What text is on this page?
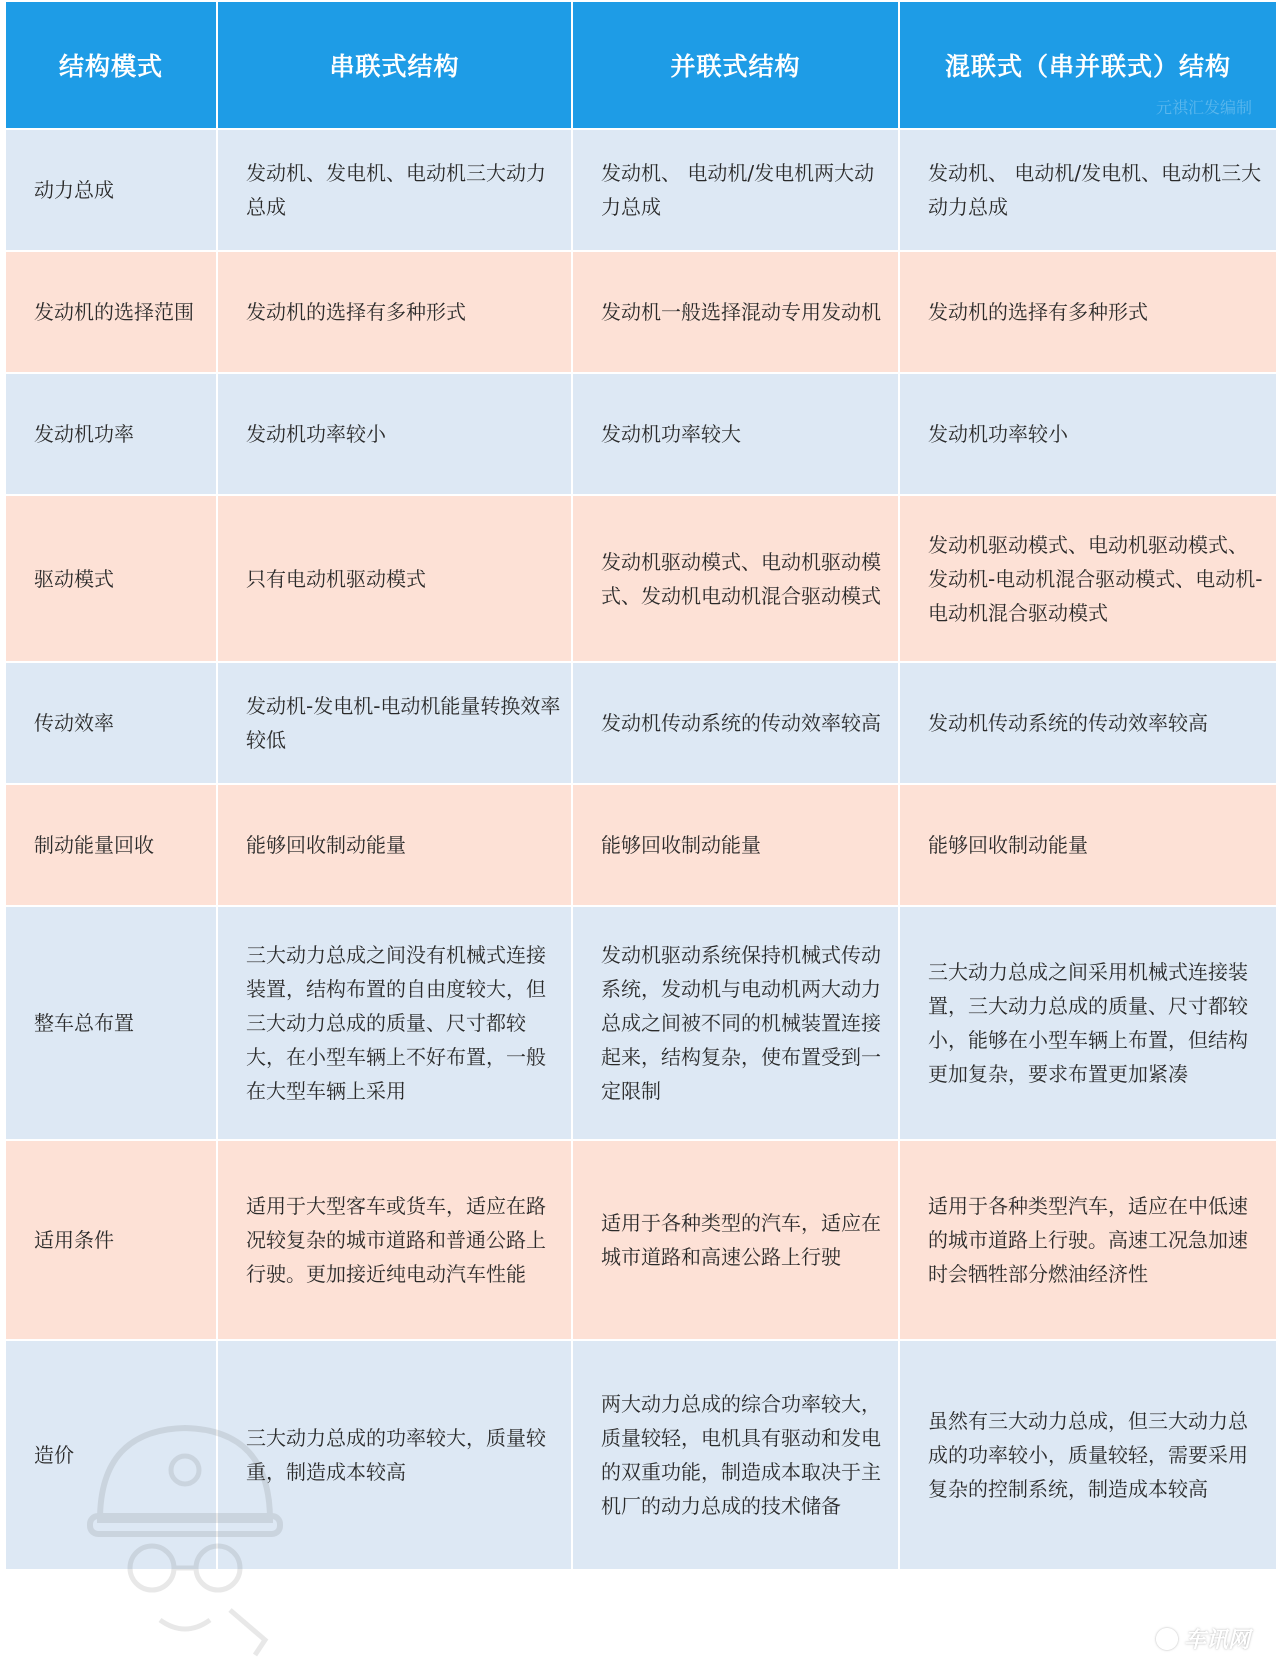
结构模式	串联式结构	并联式结构	混联式（串并联式）结构
元祺汇发编制

动力总成	发动机、发电机、电动机三大动力总成	发动机、 电动机/发电机两大动力总成	发动机、 电动机/发电机、电动机三大动力总成
发动机的选择范围	发动机的选择有多种形式	发动机一般选择混动专用发动机	发动机的选择有多种形式
发动机功率	发动机功率较小	发动机功率较大	发动机功率较小
驱动模式	只有电动机驱动模式	发动机驱动模式、电动机驱动模式、发动机电动机混合驱动模式	发动机驱动模式、电动机驱动模式、发动机-电动机混合驱动模式、电动机-电动机混合驱动模式
传动效率	发动机-发电机-电动机能量转换效率较低	发动机传动系统的传动效率较高	发动机传动系统的传动效率较高
制动能量回收	能够回收制动能量	能够回收制动能量	能够回收制动能量
整车总布置	三大动力总成之间没有机械式连接装置，结构布置的自由度较大，但三大动力总成的质量、尺寸都较大，在小型车辆上不好布置，一般在大型车辆上采用	发动机驱动系统保持机械式传动系统，发动机与电动机两大动力总成之间被不同的机械装置连接起来，结构复杂，使布置受到一定限制	三大动力总成之间采用机械式连接装置，三大动力总成的质量、尺寸都较小，能够在小型车辆上布置，但结构更加复杂，要求布置更加紧凑
适用条件	适用于大型客车或货车，适应在路况较复杂的城市道路和普通公路上行驶。更加接近纯电动汽车性能	适用于各种类型的汽车，适应在城市道路和高速公路上行驶	适用于各种类型汽车，适应在中低速的城市道路上行驶。高速工况急加速时会牺牲部分燃油经济性
造价	三大动力总成的功率较大，质量较重，制造成本较高	两大动力总成的综合功率较大，质量较轻，电机具有驱动和发电的双重功能，制造成本取决于主机厂的动力总成的技术储备	虽然有三大动力总成，但三大动力总成的功率较小，质量较轻，需要采用复杂的控制系统，制造成本较高
车讯网
